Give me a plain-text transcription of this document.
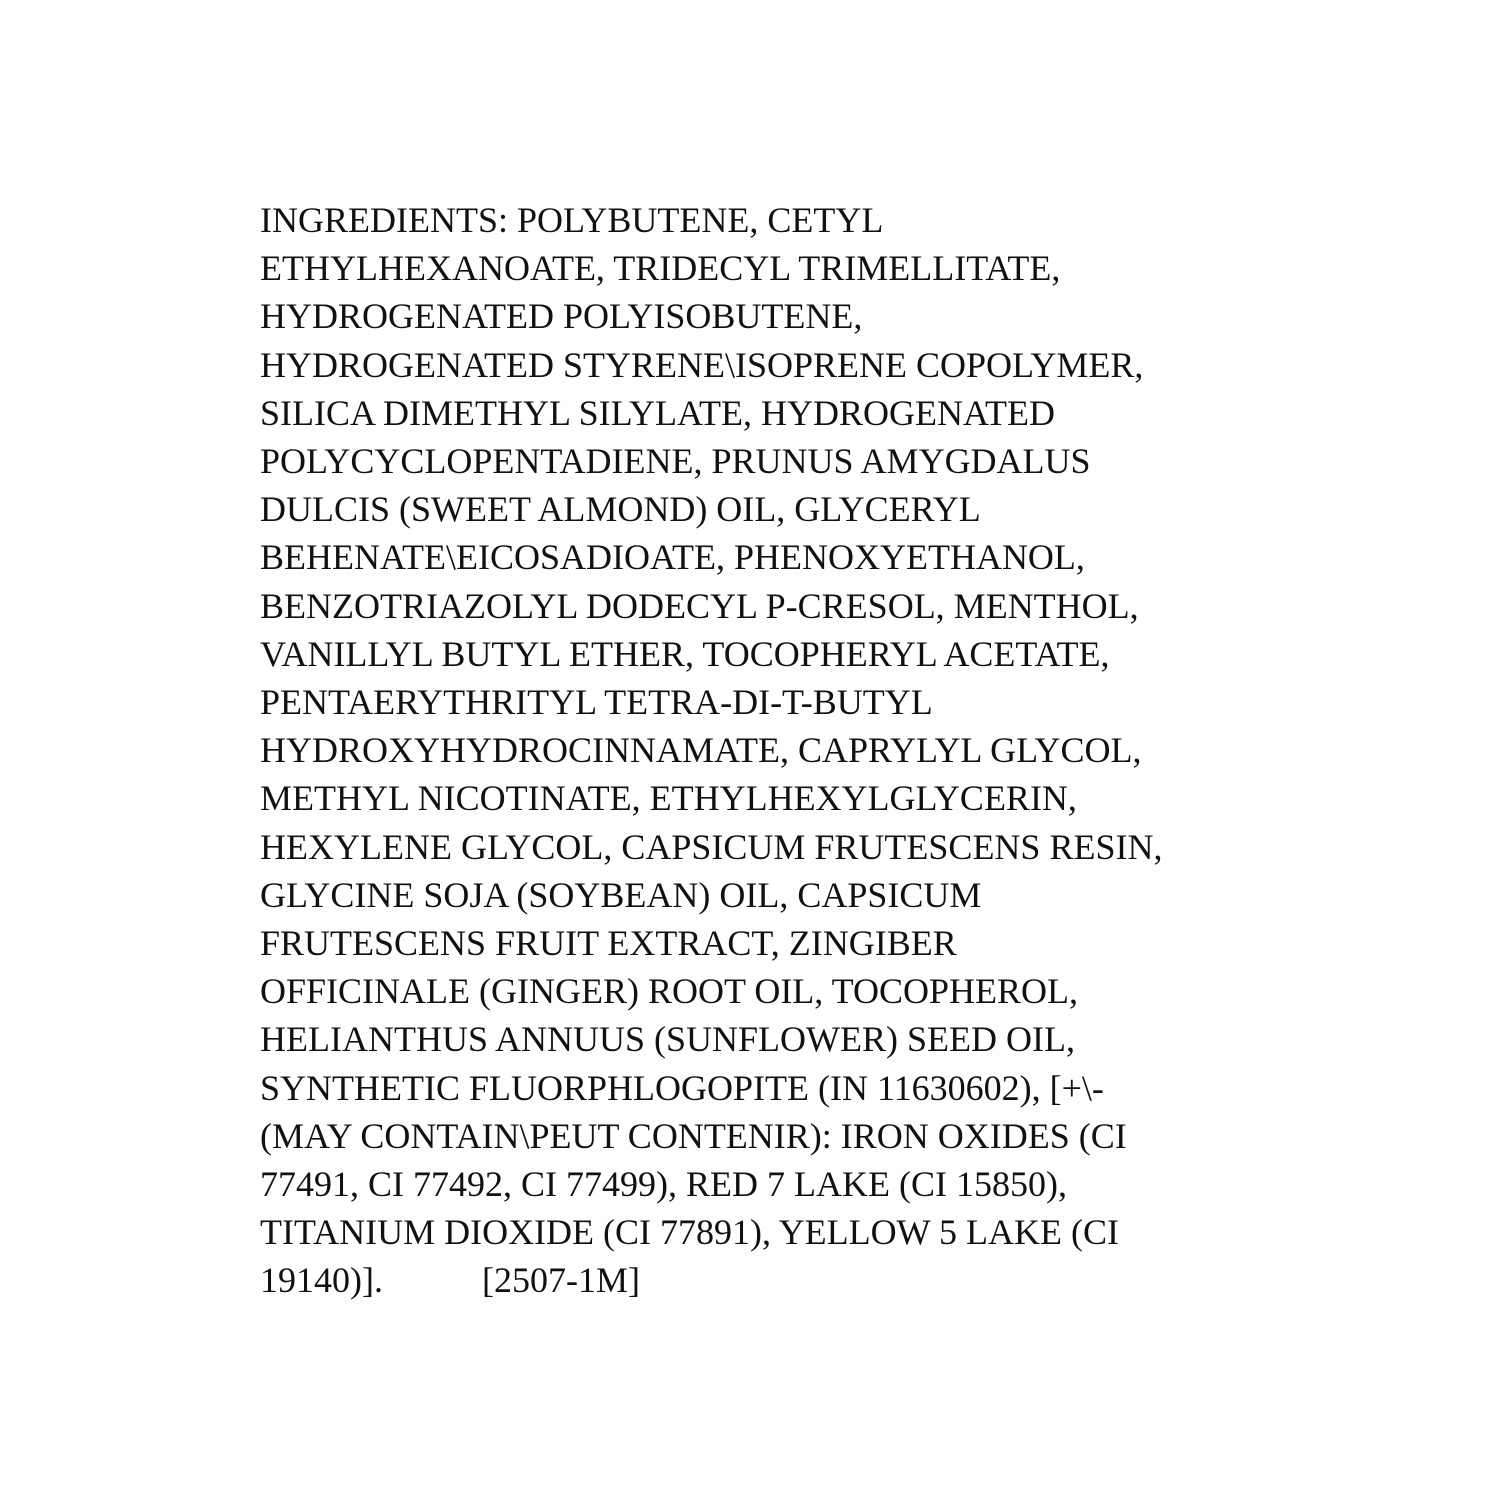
INGREDIENTS: POLYBUTENE, CETYL
ETHYLHEXANOATE, TRIDECYL TRIMELLITATE,
HYDROGENATED POLYISOBUTENE,
HYDROGENATED STYRENE\ISOPRENE COPOLYMER,
SILICA DIMETHYL SILYLATE, HYDROGENATED
POLYCYCLOPENTADIENE, PRUNUS AMYGDALUS
DULCIS (SWEET ALMOND) OIL, GLYCERYL
BEHENATE\EICOSADIOATE, PHENOXYETHANOL,
BENZOTRIAZOLYL DODECYL P-CRESOL, MENTHOL,
VANILLYL BUTYL ETHER, TOCOPHERYL ACETATE,
PENTAERYTHRITYL TETRA-DI-T-BUTYL
HYDROXYHYDROCINNAMATE, CAPRYLYL GLYCOL,
METHYL NICOTINATE, ETHYLHEXYLGLYCERIN,
HEXYLENE GLYCOL, CAPSICUM FRUTESCENS RESIN,
GLYCINE SOJA (SOYBEAN) OIL, CAPSICUM
FRUTESCENS FRUIT EXTRACT, ZINGIBER
OFFICINALE (GINGER) ROOT OIL, TOCOPHEROL,
HELIANTHUS ANNUUS (SUNFLOWER) SEED OIL,
SYNTHETIC FLUORPHLOGOPITE (IN 11630602), [+\-
(MAY CONTAIN\PEUT CONTENIR): IRON OXIDES (CI
77491, CI 77492, CI 77499), RED 7 LAKE (CI 15850),
TITANIUM DIOXIDE (CI 77891), YELLOW 5 LAKE (CI
19140)].           [2507-1M]
